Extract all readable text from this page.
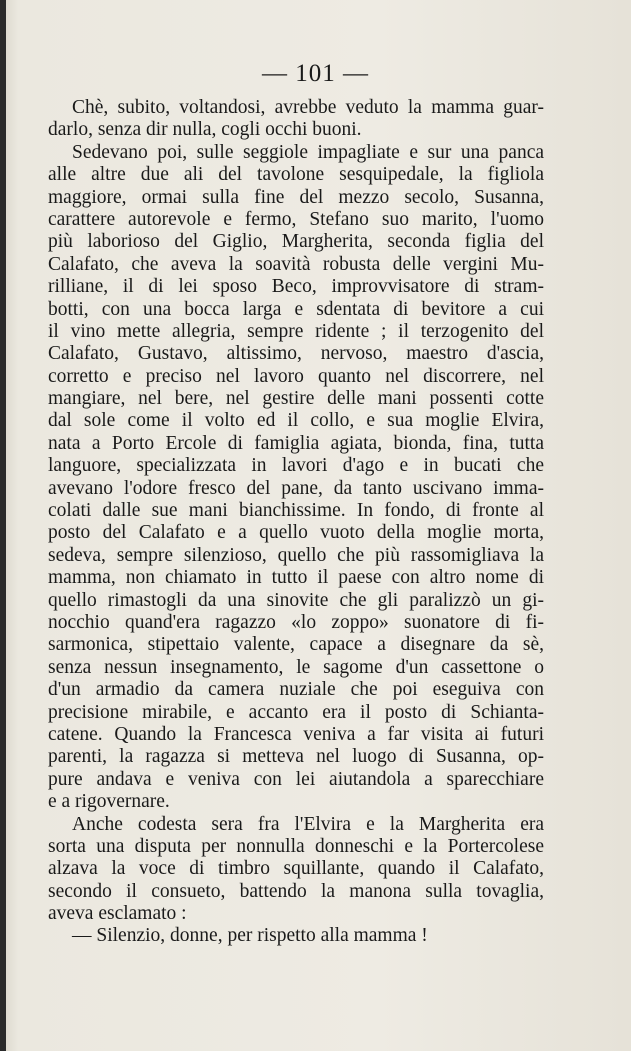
— 101 —
Chè, subito, voltandosi, avrebbe veduto la mamma guar-
darlo, senza dir nulla, cogli occhi buoni.
Sedevano poi, sulle seggiole impagliate e sur una panca
alle altre due ali del tavolone sesquipedale, la figliola
maggiore, ormai sulla fine del mezzo secolo, Susanna,
carattere autorevole e fermo, Stefano suo marito, l'uomo
più laborioso del Giglio, Margherita, seconda figlia del
Calafato, che aveva la soavità robusta delle vergini Mu-
rilliane, il di lei sposo Beco, improvvisatore di stram-
botti, con una bocca larga e sdentata di bevitore a cui
il vino mette allegria, sempre ridente ; il terzogenito del
Calafato, Gustavo, altissimo, nervoso, maestro d'ascia,
corretto e preciso nel lavoro quanto nel discorrere, nel
mangiare, nel bere, nel gestire delle mani possenti cotte
dal sole come il volto ed il collo, e sua moglie Elvira,
nata a Porto Ercole di famiglia agiata, bionda, fina, tutta
languore, specializzata in lavori d'ago e in bucati che
avevano l'odore fresco del pane, da tanto uscivano imma-
colati dalle sue mani bianchissime. In fondo, di fronte al
posto del Calafato e a quello vuoto della moglie morta,
sedeva, sempre silenzioso, quello che più rassomigliava la
mamma, non chiamato in tutto il paese con altro nome di
quello rimastogli da una sinovite che gli paralizzò un gi-
nocchio quand'era ragazzo «lo zoppo» suonatore di fi-
sarmonica, stipettaio valente, capace a disegnare da sè,
senza nessun insegnamento, le sagome d'un cassettone o
d'un armadio da camera nuziale che poi eseguiva con
precisione mirabile, e accanto era il posto di Schianta-
catene. Quando la Francesca veniva a far visita ai futuri
parenti, la ragazza si metteva nel luogo di Susanna, op-
pure andava e veniva con lei aiutandola a sparecchiare
e a rigovernare.
Anche codesta sera fra l'Elvira e la Margherita era
sorta una disputa per nonnulla donneschi e la Portercolese
alzava la voce di timbro squillante, quando il Calafato,
secondo il consueto, battendo la manona sulla tovaglia,
aveva esclamato :
— Silenzio, donne, per rispetto alla mamma !
